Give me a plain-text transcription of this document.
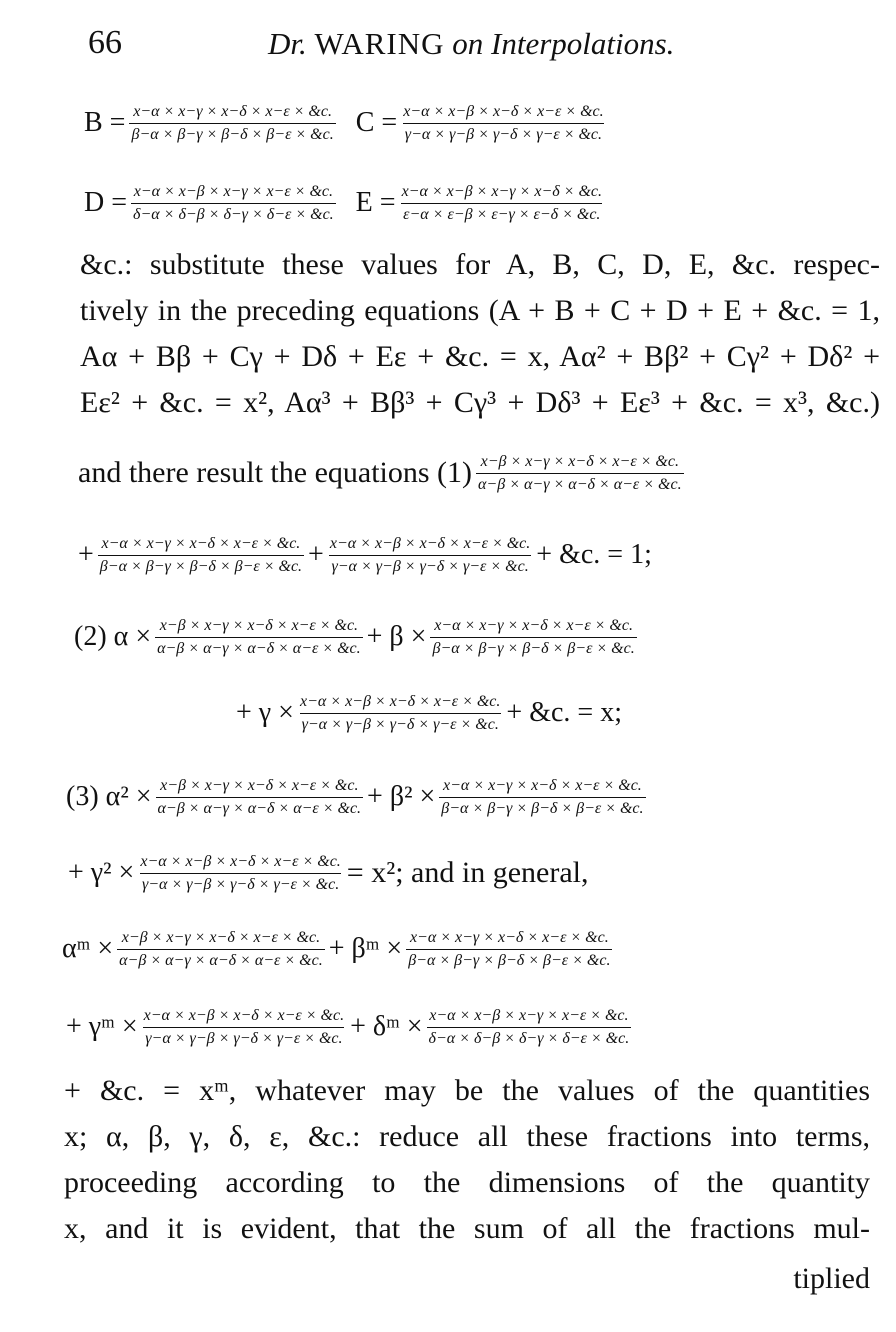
66	Dr. WARING on Interpolations.
$B = \frac{x-\alpha \times x-\gamma \times x-\delta \times x-\varepsilon \times \&c.}{\beta-\alpha \times \beta-\gamma \times \beta-\delta \times \beta-\varepsilon \times \&c.}$ $C = \frac{x-\alpha \times x-\beta \times x-\delta \times x-\varepsilon \times \&c.}{\gamma-\alpha \times \gamma-\beta \times \gamma-\delta \times \gamma-\varepsilon \times \&c.}$
$D = \frac{x-\alpha \times x-\beta \times x-\gamma \times x-\varepsilon \times \&c.}{\delta-\alpha \times \delta-\beta \times \delta-\gamma \times \delta-\varepsilon \times \&c.}$ $E = \frac{x-\alpha \times x-\beta \times x-\gamma \times x-\delta \times \&c.}{\varepsilon-\alpha \times \varepsilon-\beta \times \varepsilon-\gamma \times \varepsilon-\delta \times \&c.}$
&c.: substitute these values for A, B, C, D, E, &c. respec-
tively in the preceding equations (A + B + C + D + E + &c. = 1,
Aα + Bβ + Cγ + Dδ + Eε + &c. = x, Aα² + Bβ² + Cγ² + Dδ² +
Eε² + &c. = x², Aα³ + Bβ³ + Cγ³ + Dδ³ + Eε³ + &c. = x³, &c.)
and there result the equations $(1) \frac{x-\beta \times x-\gamma \times x-\delta \times x-\varepsilon \times \&c.}{\alpha-\beta \times \alpha-\gamma \times \alpha-\delta \times \alpha-\varepsilon \times \&c.}$
+ $\frac{x-\alpha \times x-\gamma \times x-\delta \times x-\varepsilon \times \&c.}{\beta-\alpha \times \beta-\gamma \times \beta-\delta \times \beta-\varepsilon \times \&c.} + \frac{x-\alpha \times x-\beta \times x-\delta \times x-\varepsilon \times \&c.}{\gamma-\alpha \times \gamma-\beta \times \gamma-\delta \times \gamma-\varepsilon \times \&c.}$ + &c. = 1;
(2) $\alpha \times \frac{x-\beta \times x-\gamma \times x-\delta \times x-\varepsilon \times \&c.}{\alpha-\beta \times \alpha-\gamma \times \alpha-\delta \times \alpha-\varepsilon \times \&c.} + \beta \times \frac{x-\alpha \times x-\gamma \times x-\delta \times x-\varepsilon \times \&c.}{\beta-\alpha \times \beta-\gamma \times \beta-\delta \times \beta-\varepsilon \times \&c.}$
+ $\gamma \times \frac{x-\alpha \times x-\beta \times x-\delta \times x-\varepsilon \times \&c.}{\gamma-\alpha \times \gamma-\beta \times \gamma-\delta \times \gamma-\varepsilon \times \&c.}$ + &c. = x;
(3) $\alpha^2 \times \frac{x-\beta \times x-\gamma \times x-\delta \times x-\varepsilon \times \&c.}{\alpha-\beta \times \alpha-\gamma \times \alpha-\delta \times \alpha-\varepsilon \times \&c.} + \beta^2 \times \frac{x-\alpha \times x-\gamma \times x-\delta \times x-\varepsilon \times \&c.}{\beta-\alpha \times \beta-\gamma \times \beta-\delta \times \beta-\varepsilon \times \&c.}$
+ $\gamma^2 \times \frac{x-\alpha \times x-\beta \times x-\delta \times x-\varepsilon \times \&c.}{\gamma-\alpha \times \gamma-\beta \times \gamma-\delta \times \gamma-\varepsilon \times \&c.} = x^2$; and in general,
αᵐ × $\frac{x-\beta \times x-\gamma \times x-\delta \times x-\varepsilon \times \&c.}{\alpha-\beta \times \alpha-\gamma \times \alpha-\delta \times \alpha-\varepsilon \times \&c.}$ + βᵐ × $\frac{x-\alpha \times x-\gamma \times x-\delta \times x-\varepsilon \times \&c.}{\beta-\alpha \times \beta-\gamma \times \beta-\delta \times \beta-\varepsilon \times \&c.}$
+ γᵐ × $\frac{x-\alpha \times x-\beta \times x-\delta \times x-\varepsilon \times \&c.}{\gamma-\alpha \times \gamma-\beta \times \gamma-\delta \times \gamma-\varepsilon \times \&c.}$ + δᵐ × $\frac{x-\alpha \times x-\beta \times x-\gamma \times x-\varepsilon \times \&c.}{\delta-\alpha \times \delta-\beta \times \delta-\gamma \times \delta-\varepsilon \times \&c.}$
+ &c. = xᵐ, whatever may be the values of the quantities
x; α, β, γ, δ, ε, &c.: reduce all these fractions into terms,
proceeding according to the dimensions of the quantity
x, and it is evident, that the sum of all the fractions mul-
tiplied
